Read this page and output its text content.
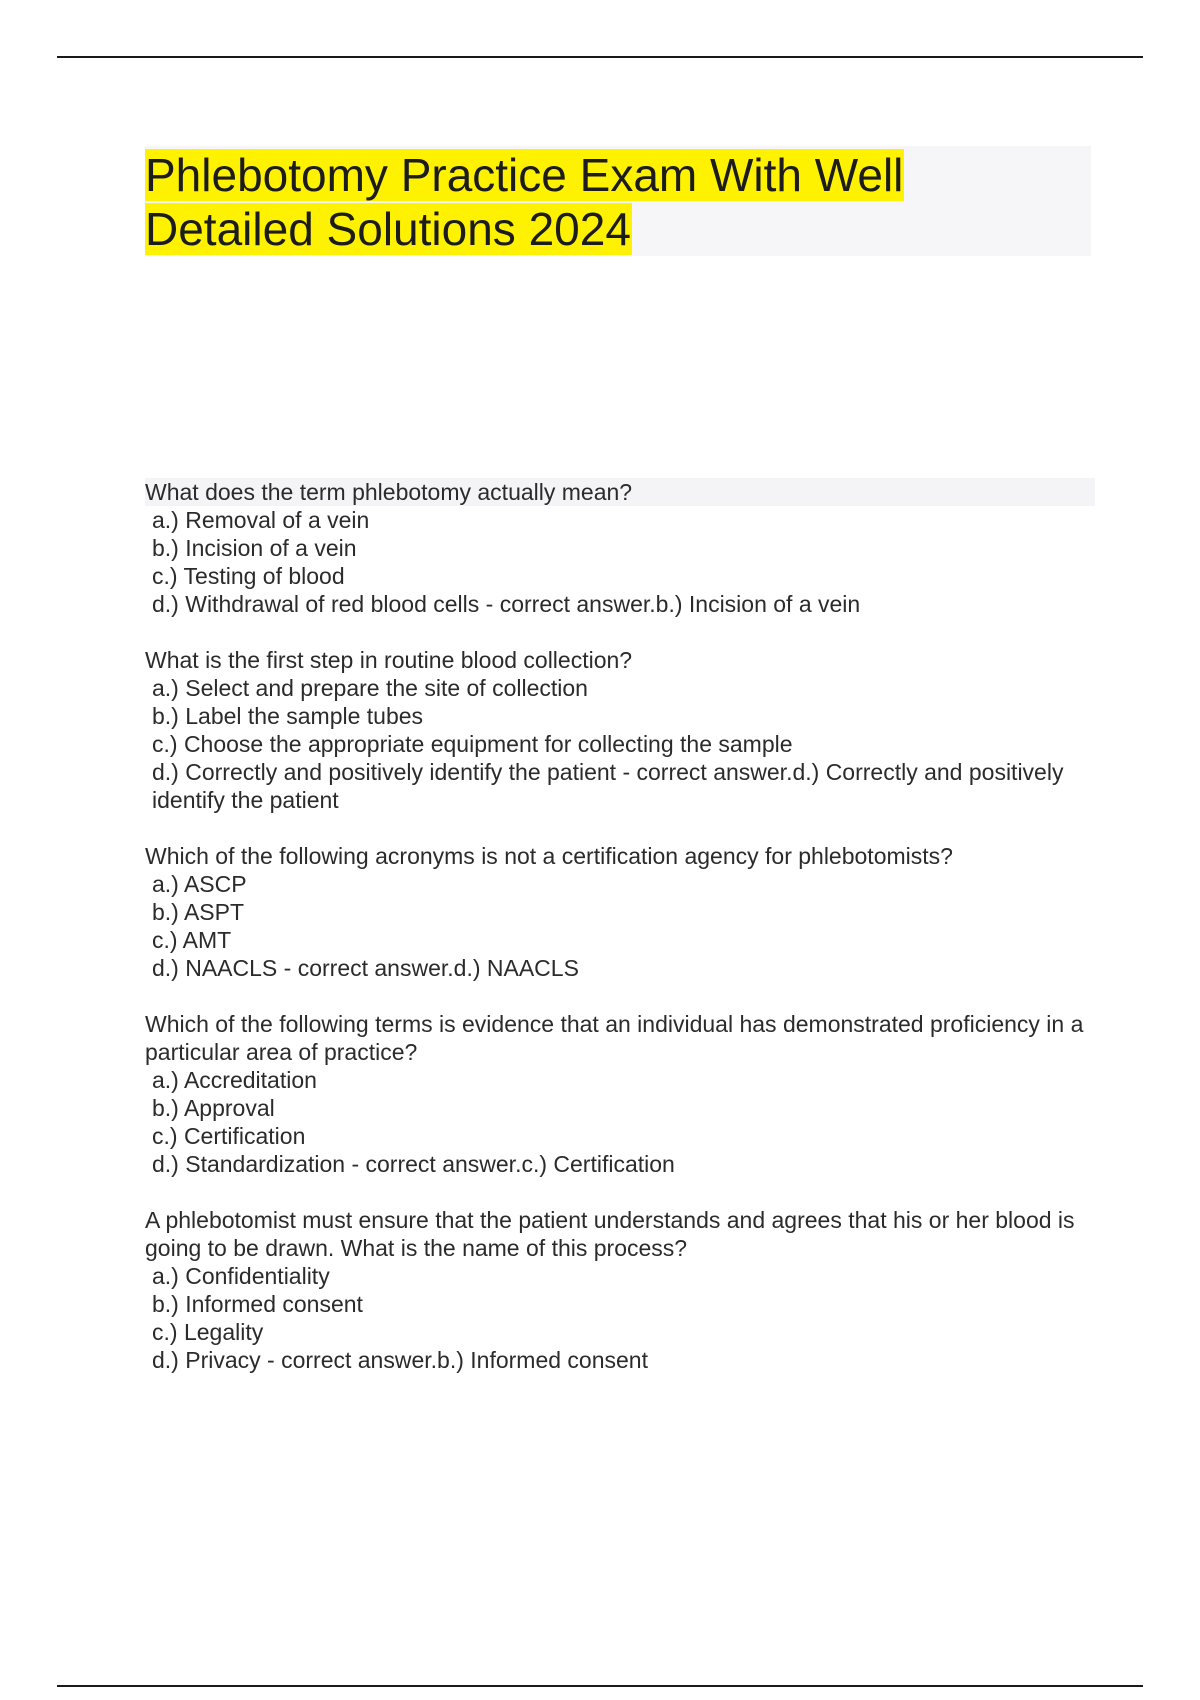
Phlebotomy Practice Exam With Well
Detailed Solutions 2024
What does the term phlebotomy actually mean?
a.) Removal of a vein
b.) Incision of a vein
c.) Testing of blood
d.) Withdrawal of red blood cells - correct answer.b.) Incision of a vein
What is the first step in routine blood collection?
a.) Select and prepare the site of collection
b.) Label the sample tubes
c.) Choose the appropriate equipment for collecting the sample
d.) Correctly and positively identify the patient - correct answer.d.) Correctly and positively identify the patient
Which of the following acronyms is not a certification agency for phlebotomists?
a.) ASCP
b.) ASPT
c.) AMT
d.) NAACLS - correct answer.d.) NAACLS
Which of the following terms is evidence that an individual has demonstrated proficiency in a particular area of practice?
a.) Accreditation
b.) Approval
c.) Certification
d.) Standardization - correct answer.c.) Certification
A phlebotomist must ensure that the patient understands and agrees that his or her blood is going to be drawn. What is the name of this process?
a.) Confidentiality
b.) Informed consent
c.) Legality
d.) Privacy - correct answer.b.) Informed consent
